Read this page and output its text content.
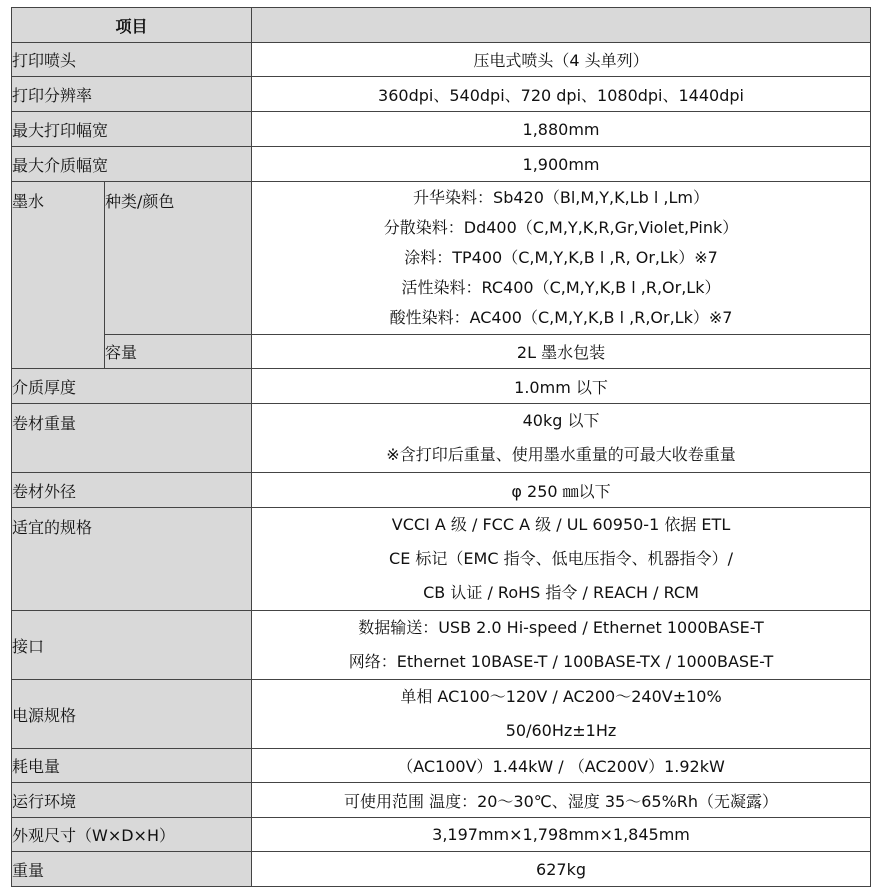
项目		
打印喷头		压电式喷头（4 头单列）
打印分辨率		360dpi、540dpi、720 dpi、1080dpi、1440dpi
最大打印幅宽		1,880mm
最大介质幅宽		1,900mm
墨水	种类/颜色	升华染料：Sb420（Bl,M,Y,K,Lb l ,Lm）
分散染料：Dd400（C,M,Y,K,R,Gr,Violet,Pink）
涂料：TP400（C,M,Y,K,B l ,R, Or,Lk）※7
活性染料：RC400（C,M,Y,K,B l ,R,Or,Lk）
酸性染料：AC400（C,M,Y,K,B l ,R,Or,Lk）※7

	容量	2L 墨水包装
介质厚度		1.0mm 以下
卷材重量		40kg 以下
※含打印后重量、使用墨水重量的可最大收卷重量

卷材外径		φ 250 ㎜以下
适宜的规格		VCCI A 级 / FCC A 级 / UL 60950-1 依据 ETL
CE 标记（EMC 指令、低电压指令、机器指令）/
CB 认证 / RoHS 指令 / REACH / RCM

接口		数据输送：USB 2.0 Hi-speed / Ethernet 1000BASE-T
网络：Ethernet 10BASE-T / 100BASE-TX / 1000BASE-T

电源规格		单相 AC100～120V / AC200～240V±10%
50/60Hz±1Hz

耗电量		（AC100V）1.44kW / （AC200V）1.92kW
运行环境		可使用范围 温度：20～30℃、湿度 35～65%Rh（无凝露）
外观尺寸（W×D×H）		3,197mm×1,798mm×1,845mm
重量		627kg
